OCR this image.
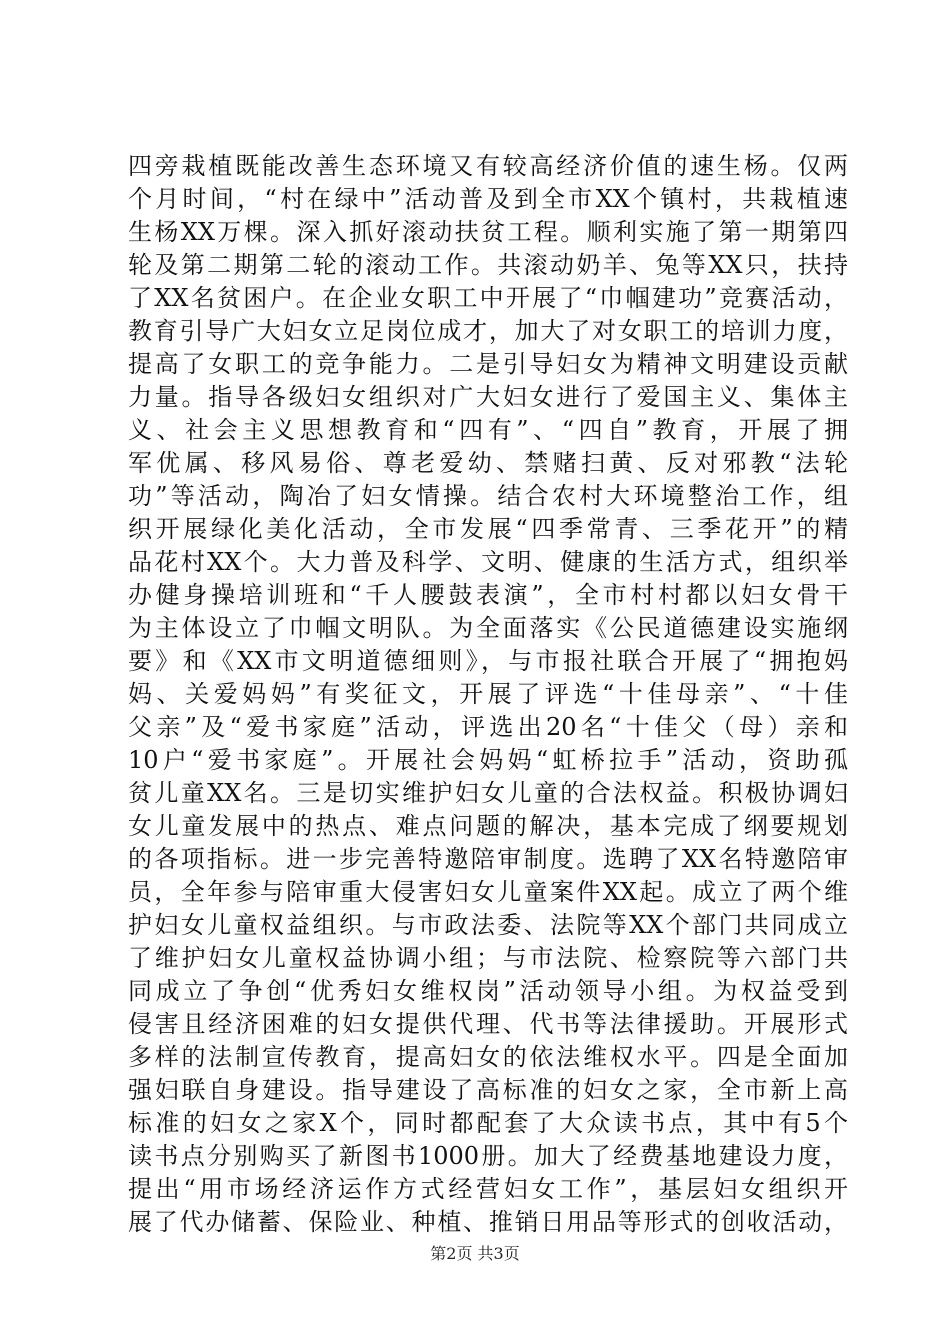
四旁栽植既能改善生态环境又有较高经济价值的速生杨。仅两
个月时间，“村在绿中”活动普及到全市XX个镇村，共栽植速
生杨XX万棵。深入抓好滚动扶贫工程。顺利实施了第一期第四
轮及第二期第二轮的滚动工作。共滚动奶羊、兔等XX只，扶持
了XX名贫困户。在企业女职工中开展了“巾帼建功”竞赛活动，
教育引导广大妇女立足岗位成才，加大了对女职工的培训力度，
提高了女职工的竞争能力。二是引导妇女为精神文明建设贡献
力量。指导各级妇女组织对广大妇女进行了爱国主义、集体主
义、社会主义思想教育和“四有”、“四自”教育，开展了拥
军优属、移风易俗、尊老爱幼、禁赌扫黄、反对邪教“法轮
功”等活动，陶冶了妇女情操。结合农村大环境整治工作，组
织开展绿化美化活动，全市发展“四季常青、三季花开”的精
品花村XX个。大力普及科学、文明、健康的生活方式，组织举
办健身操培训班和“千人腰鼓表演”，全市村村都以妇女骨干
为主体设立了巾帼文明队。为全面落实《公民道德建设实施纲
要》和《XX市文明道德细则》，与市报社联合开展了“拥抱妈
妈、关爱妈妈”有奖征文，开展了评选“十佳母亲”、“十佳
父亲”及“爱书家庭”活动，评选出20名“十佳父（母）亲和
10户“爱书家庭”。开展社会妈妈“虹桥拉手”活动，资助孤
贫儿童XX名。三是切实维护妇女儿童的合法权益。积极协调妇
女儿童发展中的热点、难点问题的解决，基本完成了纲要规划
的各项指标。进一步完善特邀陪审制度。选聘了XX名特邀陪审
员，全年参与陪审重大侵害妇女儿童案件XX起。成立了两个维
护妇女儿童权益组织。与市政法委、法院等XX个部门共同成立
了维护妇女儿童权益协调小组；与市法院、检察院等六部门共
同成立了争创“优秀妇女维权岗”活动领导小组。为权益受到
侵害且经济困难的妇女提供代理、代书等法律援助。开展形式
多样的法制宣传教育，提高妇女的依法维权水平。四是全面加
强妇联自身建设。指导建设了高标准的妇女之家，全市新上高
标准的妇女之家X个，同时都配套了大众读书点，其中有5个
读书点分别购买了新图书1000册。加大了经费基地建设力度，
提出“用市场经济运作方式经营妇女工作”，基层妇女组织开
展了代办储蓄、保险业、种植、推销日用品等形式的创收活动，
第2页 共3页
